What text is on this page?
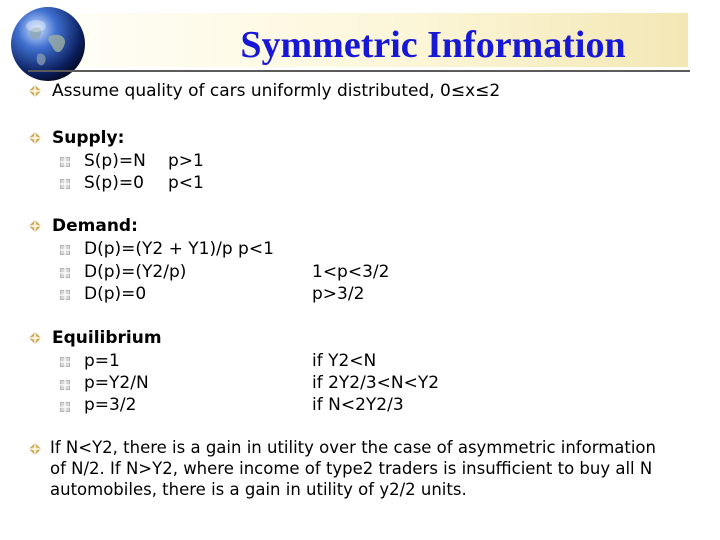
Symmetric Information
Assume quality of cars uniformly distributed, 0≤x≤2
Supply:
S(p)=N p>1
S(p)=0 p<1
Demand:
D(p)=(Y2 + Y1)/p p<1
D(p)=(Y2/p)	1<p<3/2
D(p)=0	p>3/2
Equilibrium
p=1	if Y2<N
p=Y2/N	if 2Y2/3<N<Y2
p=3/2	if N<2Y2/3
If N<Y2, there is a gain in utility over the case of asymmetric information
of N/2. If N>Y2, where income of type2 traders is insufficient to buy all N
automobiles, there is a gain in utility of y2/2 units.
